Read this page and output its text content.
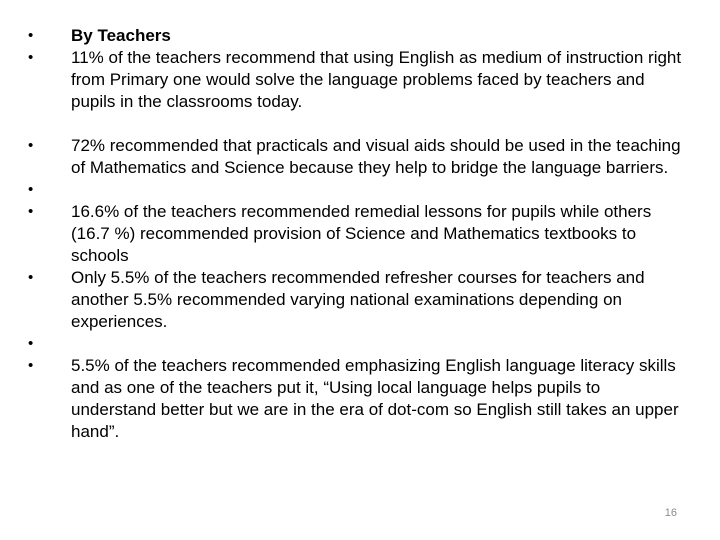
•	By Teachers
•	11% of the teachers recommend that using English as medium of instruction right from Primary one would solve the language problems faced by teachers and pupils in the classrooms today.
•	72% recommended that practicals and visual aids should be used in the teaching of Mathematics and Science because they help to bridge the language barriers.
•
•	16.6% of the teachers recommended remedial lessons for pupils while others (16.7 %) recommended provision of Science and Mathematics textbooks to schools
•	Only 5.5% of the teachers recommended refresher courses for teachers and another 5.5% recommended varying national examinations depending on experiences.
•
•	5.5% of the teachers recommended emphasizing English language literacy skills and as one of the teachers put it, “Using local language helps pupils to understand better but we are in the era of dot-com so English still takes an upper hand”.
16
